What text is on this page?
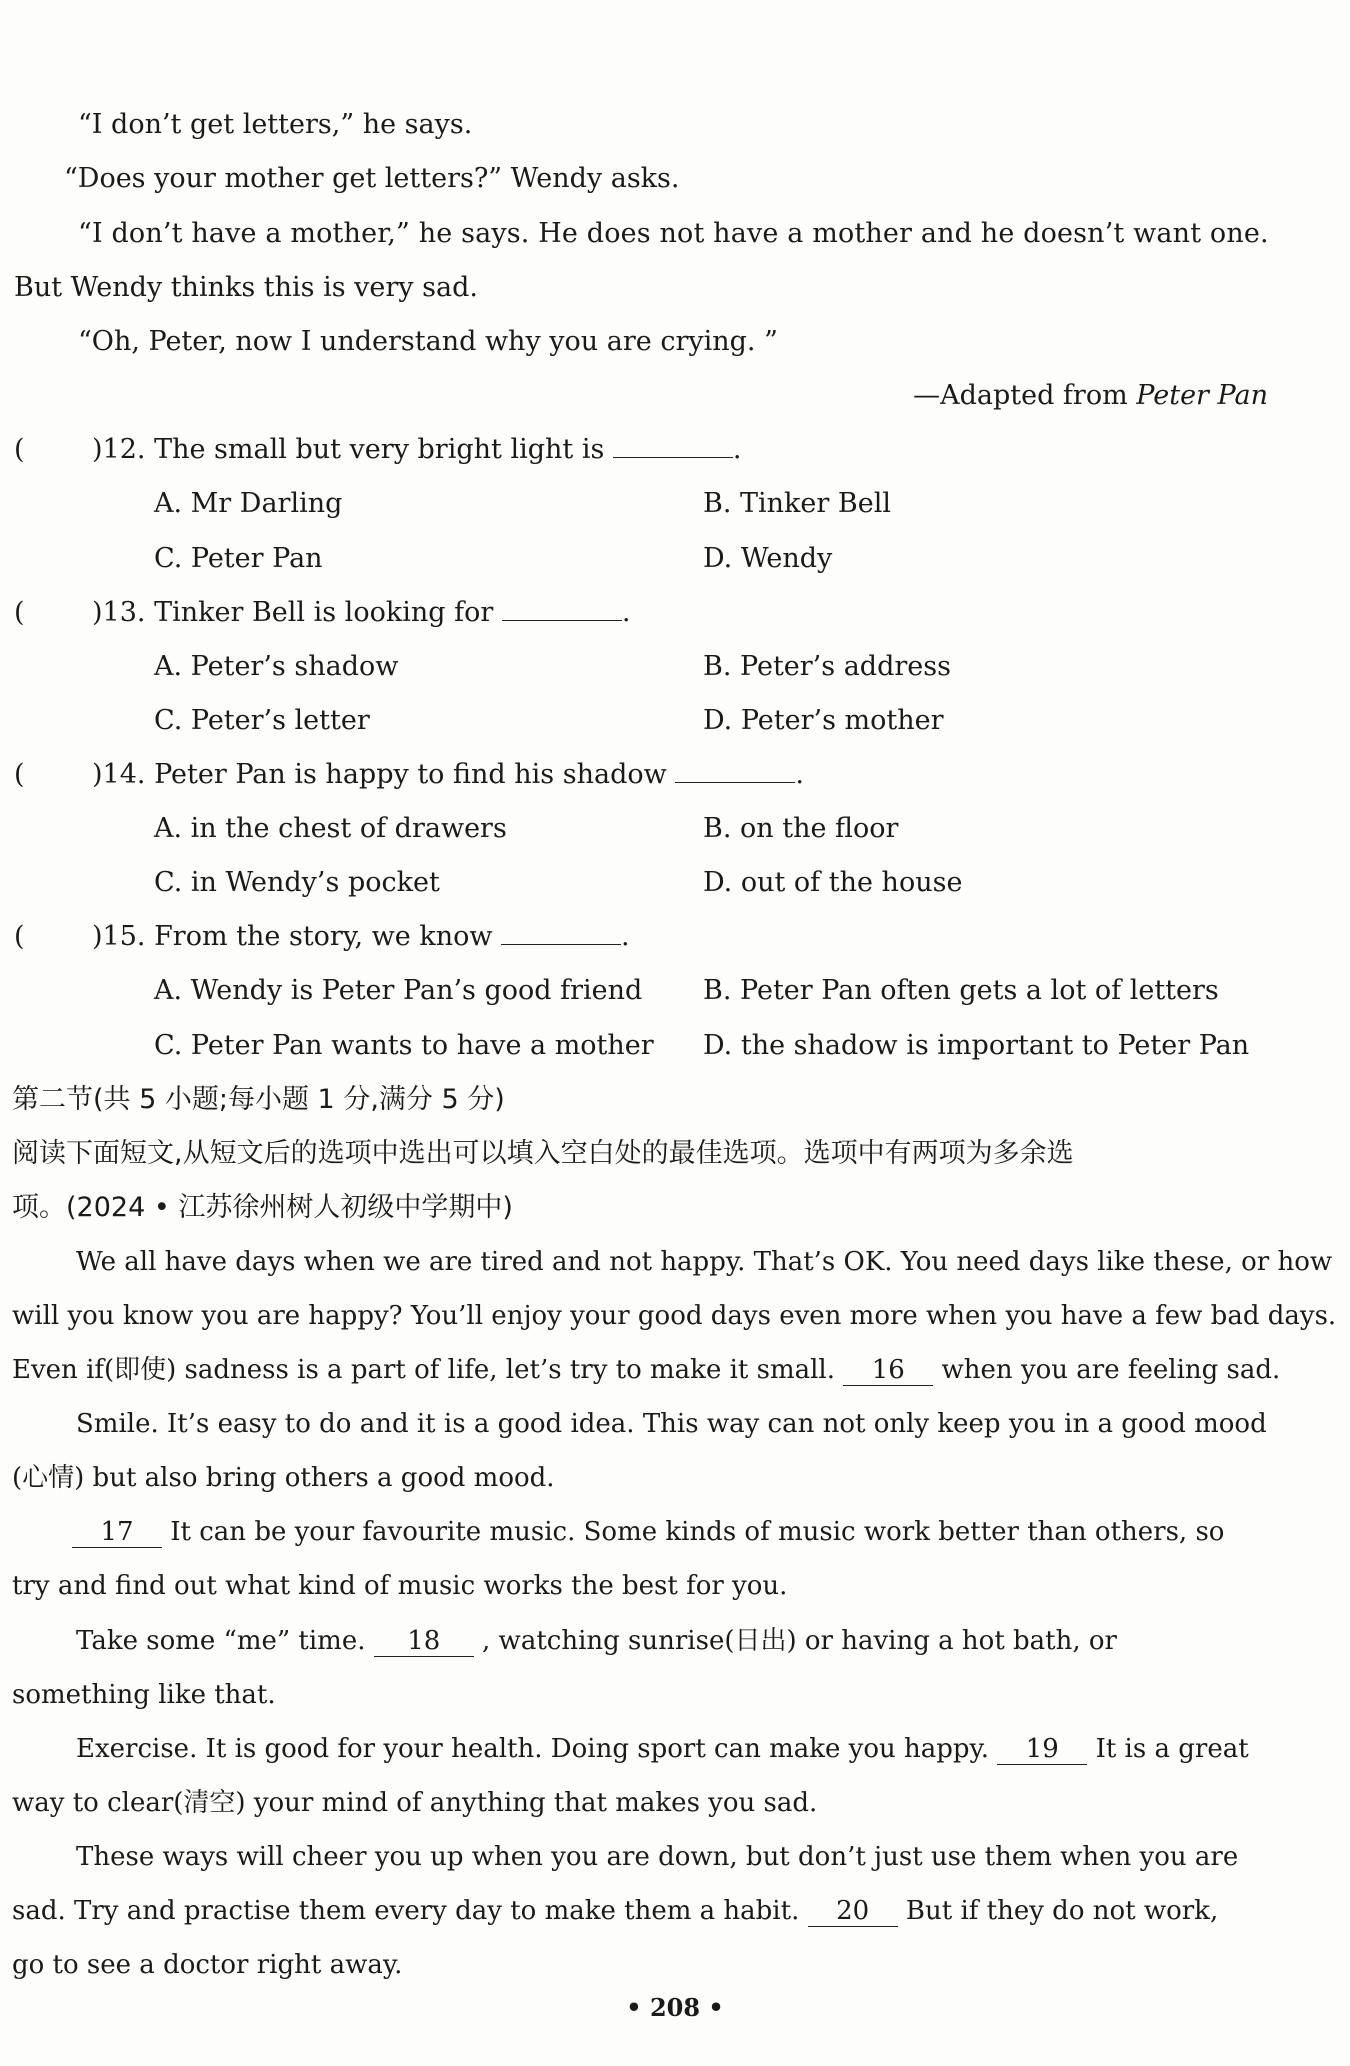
“I don’t get letters,” he says.
“Does your mother get letters?” Wendy asks.
“I don’t have a mother,” he says. He does not have a mother and he doesn’t want one.
But Wendy thinks this is very sad.
“Oh, Peter, now I understand why you are crying. ”
—Adapted from Peter Pan
( )12. The small but very bright light is	.
A. Mr Darling	B. Tinker Bell
C. Peter Pan	D. Wendy
( )13. Tinker Bell is looking for	.
A. Peter’s shadow	B. Peter’s address
C. Peter’s letter	D. Peter’s mother
( )14. Peter Pan is happy to find his shadow	.
A. in the chest of drawers	B. on the floor
C. in Wendy’s pocket	D. out of the house
( )15. From the story, we know	.
A. Wendy is Peter Pan’s good friend B. Peter Pan often gets a lot of letters
C. Peter Pan wants to have a mother D. the shadow is important to Peter Pan
第二节(共 5 小题;每小题 1 分,满分 5 分)
阅读下面短文,从短文后的选项中选出可以填入空白处的最佳选项。选项中有两项为多余选
项。(2024 • 江苏徐州树人初级中学期中)
We all have days when we are tired and not happy. That’s OK. You need days like these, or how
will you know you are happy? You’ll enjoy your good days even more when you have a few bad days.
Even if(即使) sadness is a part of life, let’s try to make it small. 16 when you are feeling sad.
Smile. It’s easy to do and it is a good idea. This way can not only keep you in a good mood
(心情) but also bring others a good mood.
17 It can be your favourite music. Some kinds of music work better than others, so
try and find out what kind of music works the best for you.
Take some “me” time. 18 , watching sunrise(日出) or having a hot bath, or
something like that.
Exercise. It is good for your health. Doing sport can make you happy. 19 It is a great
way to clear(清空) your mind of anything that makes you sad.
These ways will cheer you up when you are down, but don’t just use them when you are
sad. Try and practise them every day to make them a habit. 20 But if they do not work,
go to see a doctor right away.
• 208 •
